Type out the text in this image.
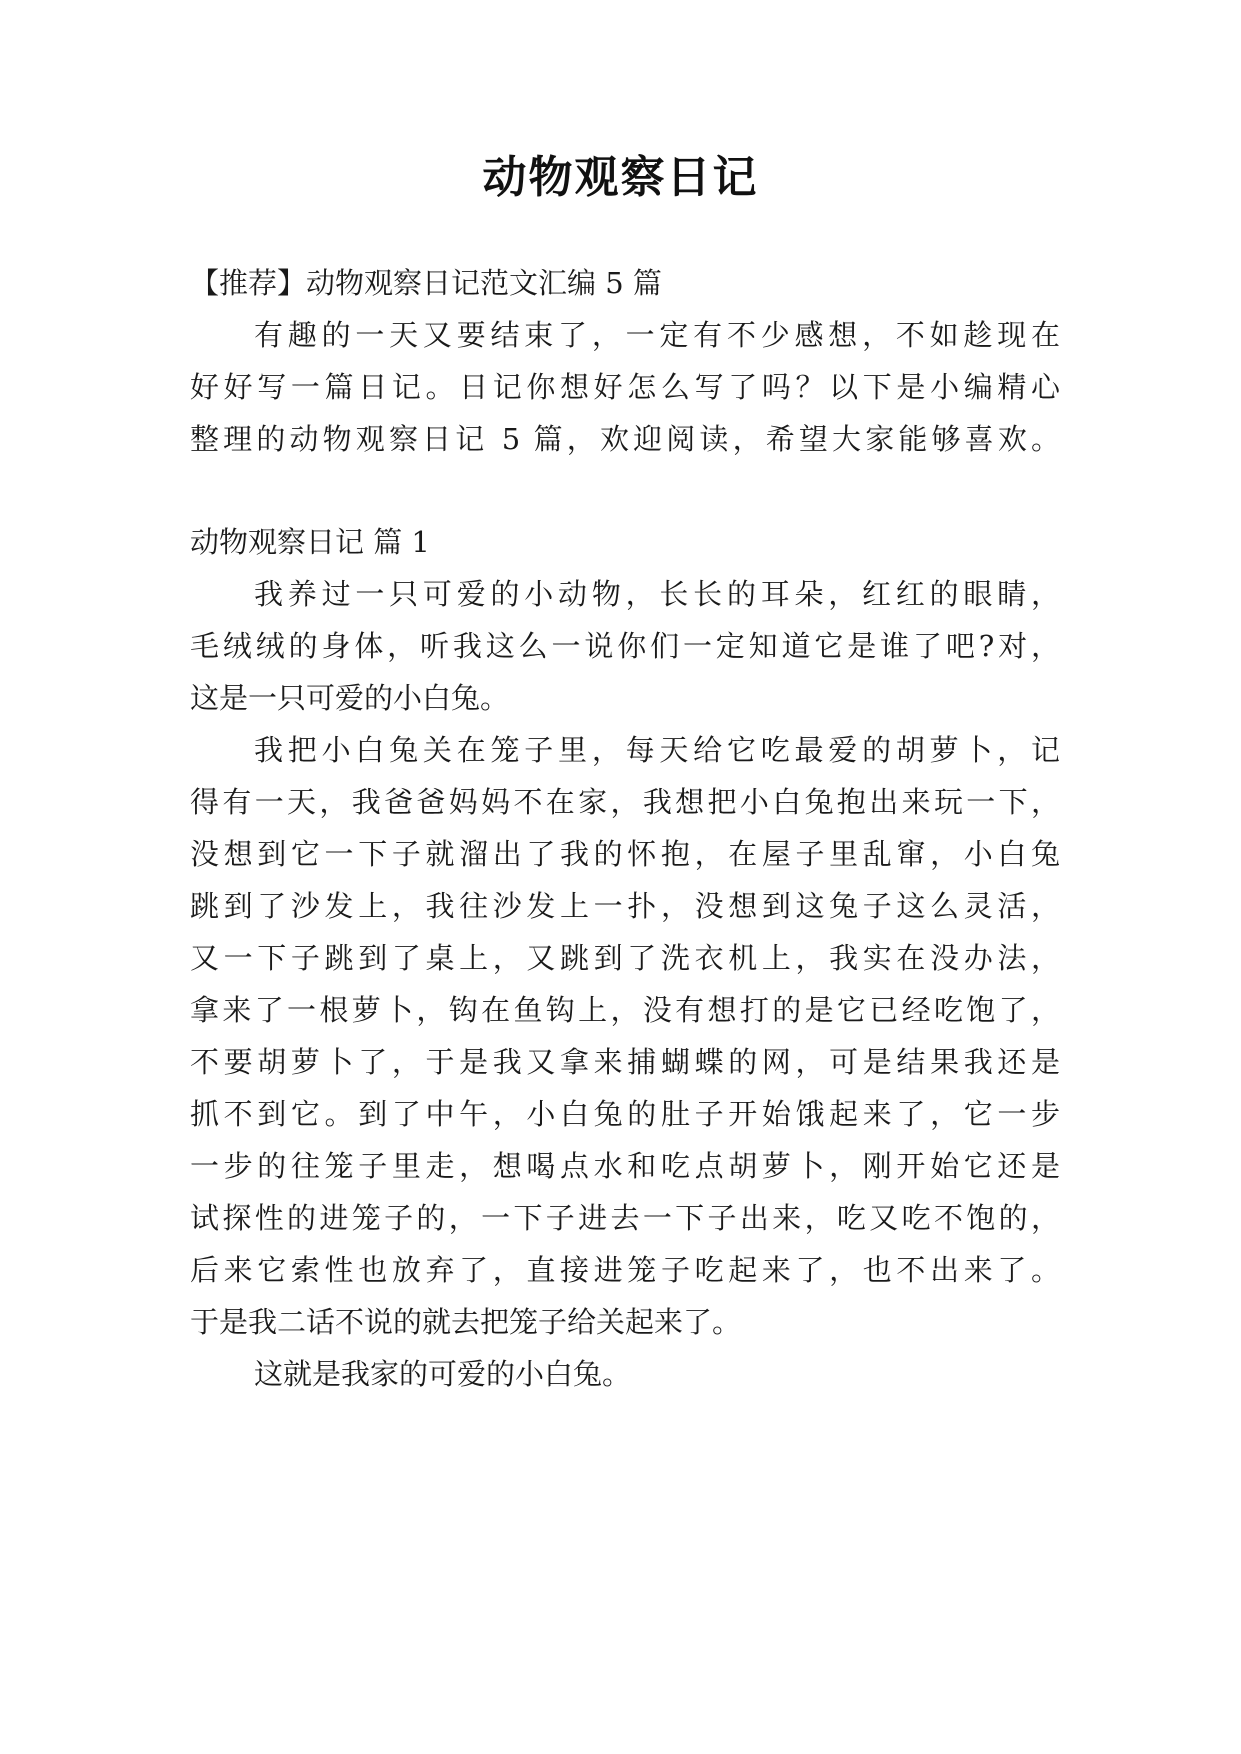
动物观察日记
【推荐】动物观察日记范文汇编 5 篇
有趣的一天又要结束了，一定有不少感想，不如趁现在
好好写一篇日记。日记你想好怎么写了吗？以下是小编精心
整理的动物观察日记 5 篇，欢迎阅读，希望大家能够喜欢。
动物观察日记 篇 1
我养过一只可爱的小动物，长长的耳朵，红红的眼睛，
毛绒绒的身体，听我这么一说你们一定知道它是谁了吧?对，
这是一只可爱的小白兔。
我把小白兔关在笼子里，每天给它吃最爱的胡萝卜，记
得有一天，我爸爸妈妈不在家，我想把小白兔抱出来玩一下，
没想到它一下子就溜出了我的怀抱，在屋子里乱窜，小白兔
跳到了沙发上，我往沙发上一扑，没想到这兔子这么灵活，
又一下子跳到了桌上，又跳到了洗衣机上，我实在没办法，
拿来了一根萝卜，钩在鱼钩上，没有想打的是它已经吃饱了，
不要胡萝卜了，于是我又拿来捕蝴蝶的网，可是结果我还是
抓不到它。到了中午，小白兔的肚子开始饿起来了，它一步
一步的往笼子里走，想喝点水和吃点胡萝卜，刚开始它还是
试探性的进笼子的，一下子进去一下子出来，吃又吃不饱的，
后来它索性也放弃了，直接进笼子吃起来了，也不出来了。
于是我二话不说的就去把笼子给关起来了。
这就是我家的可爱的小白兔。
